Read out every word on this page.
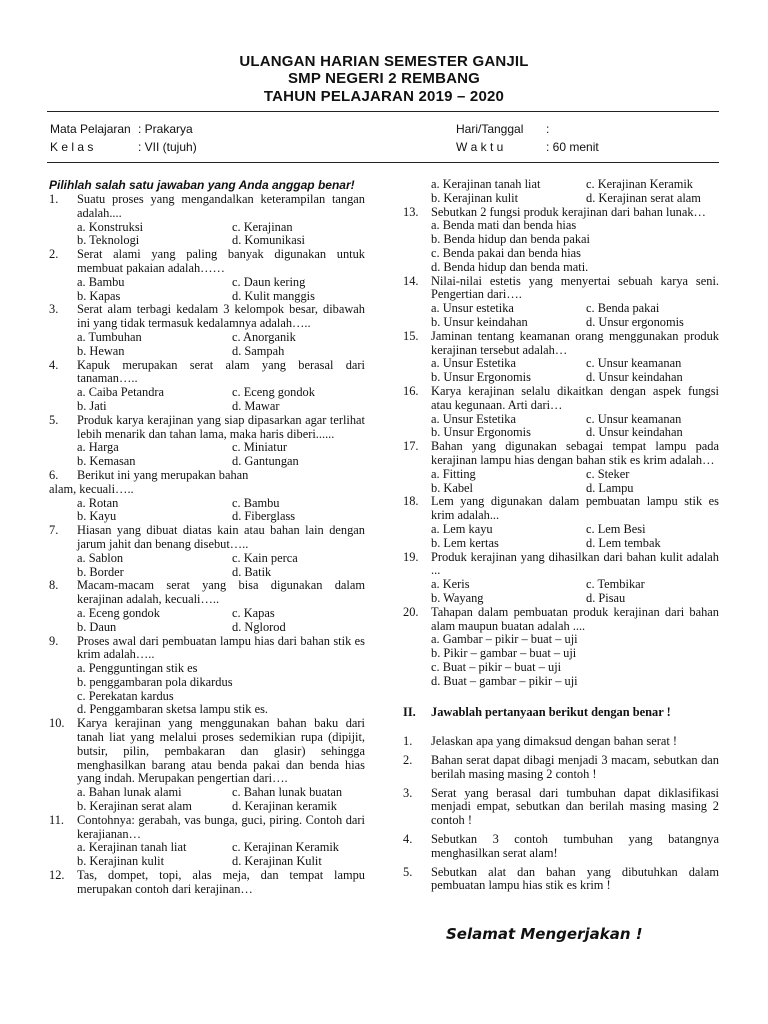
ULANGAN HARIAN SEMESTER GANJIL
SMP NEGERI 2 REMBANG
TAHUN PELAJARAN 2019 – 2020
Mata Pelajaran : Prakarya
K e l a s	: VII (tujuh)
Hari/Tanggal :
W a k t u	: 60 menit
Pilihlah salah satu jawaban yang Anda anggap benar!
1.	Suatu proses yang mengandalkan keterampilan tangan adalah....
a. Konstruksi	c. Kerajinan
b. Teknologi	d. Komunikasi
2.	Serat alami yang paling banyak digunakan untuk membuat pakaian adalah……
a. Bambu	c. Daun kering
b. Kapas	d. Kulit manggis
3.	Serat alam terbagi kedalam 3 kelompok besar, dibawah ini yang tidak termasuk kedalamnya adalah…..
a. Tumbuhan	c. Anorganik
b. Hewan	d. Sampah
4.	Kapuk merupakan serat alam yang berasal dari tanaman…..
a. Caiba Petandra	c. Eceng gondok
b. Jati	d. Mawar
5.	Produk karya kerajinan yang siap dipasarkan agar terlihat lebih menarik dan tahan lama, maka haris diberi......
a. Harga	c. Miniatur
b. Kemasan	d. Gantungan
6.	Berikut ini yang merupakan bahan
alam, kecuali…..
a. Rotan	c. Bambu
b. Kayu	d. Fiberglass
7.	Hiasan yang dibuat diatas kain atau bahan lain dengan jarum jahit dan benang disebut…..
a. Sablon	c. Kain perca
b. Border	d. Batik
8.	Macam-macam serat yang bisa digunakan dalam kerajinan adalah, kecuali…..
a. Eceng gondok	c. Kapas
b. Daun	d. Nglorod
9.	Proses awal dari pembuatan lampu hias dari bahan stik es krim adalah…..
a. Pengguntingan stik es
b. penggambaran pola dikardus
c. Perekatan kardus
d. Penggambaran sketsa lampu stik es.
10.	Karya kerajinan yang menggunakan bahan baku dari tanah liat yang melalui proses sedemikian rupa (dipijit, butsir, pilin, pembakaran dan glasir) sehingga menghasilkan barang atau benda pakai dan benda hias yang indah. Merupakan pengertian dari….
a. Bahan lunak alami	c. Bahan lunak buatan
b. Kerajinan serat alam	d. Kerajinan keramik
11.	Contohnya: gerabah, vas bunga, guci, piring. Contoh dari kerajianan…
a. Kerajinan tanah liat	c. Kerajinan Keramik
b. Kerajinan kulit	d. Kerajinan Kulit
12.	Tas, dompet, topi, alas meja, dan tempat lampu merupakan contoh dari kerajinan…
a. Kerajinan tanah liat	c. Kerajinan Keramik
b. Kerajinan kulit	d. Kerajinan serat alam
13.	Sebutkan 2 fungsi produk kerajinan dari bahan lunak…
a. Benda mati dan benda hias
b. Benda hidup dan benda pakai
c. Benda pakai dan benda hias
d. Benda hidup dan benda mati.
14.	Nilai-nilai estetis yang menyertai sebuah karya seni. Pengertian dari….
a. Unsur estetika	c. Benda pakai
b. Unsur keindahan	d. Unsur ergonomis
15.	Jaminan tentang keamanan orang menggunakan produk kerajinan tersebut adalah…
a. Unsur Estetika	c. Unsur keamanan
b. Unsur Ergonomis	d. Unsur keindahan
16.	Karya kerajinan selalu dikaitkan dengan aspek fungsi atau kegunaan. Arti dari…
a. Unsur Estetika	c. Unsur keamanan
b. Unsur Ergonomis	d. Unsur keindahan
17.	Bahan yang digunakan sebagai tempat lampu pada kerajinan lampu hias dengan bahan stik es krim adalah…
a. Fitting	c. Steker
b. Kabel	d. Lampu
18.	Lem yang digunakan dalam pembuatan lampu stik es krim adalah...
a. Lem kayu	c. Lem Besi
b. Lem kertas	d. Lem tembak
19.	Produk kerajinan yang dihasilkan dari bahan kulit adalah ...
a. Keris	c. Tembikar
b. Wayang	d. Pisau
20.	Tahapan dalam pembuatan produk kerajinan dari bahan alam maupun buatan adalah ....
a. Gambar – pikir – buat – uji
b. Pikir – gambar – buat – uji
c. Buat – pikir – buat – uji
d. Buat – gambar – pikir – uji
II.	Jawablah pertanyaan berikut dengan benar !
1.	Jelaskan apa yang dimaksud dengan bahan serat !
2.	Bahan serat dapat dibagi menjadi 3 macam, sebutkan dan berilah masing masing 2 contoh !
3.	Serat yang berasal dari tumbuhan dapat diklasifikasi menjadi empat, sebutkan dan berilah masing masing 2 contoh !
4.	Sebutkan 3 contoh tumbuhan yang batangnya menghasilkan serat alam!
5.	Sebutkan alat dan bahan yang dibutuhkan dalam pembuatan lampu hias stik es krim !
Selamat Mengerjakan !
